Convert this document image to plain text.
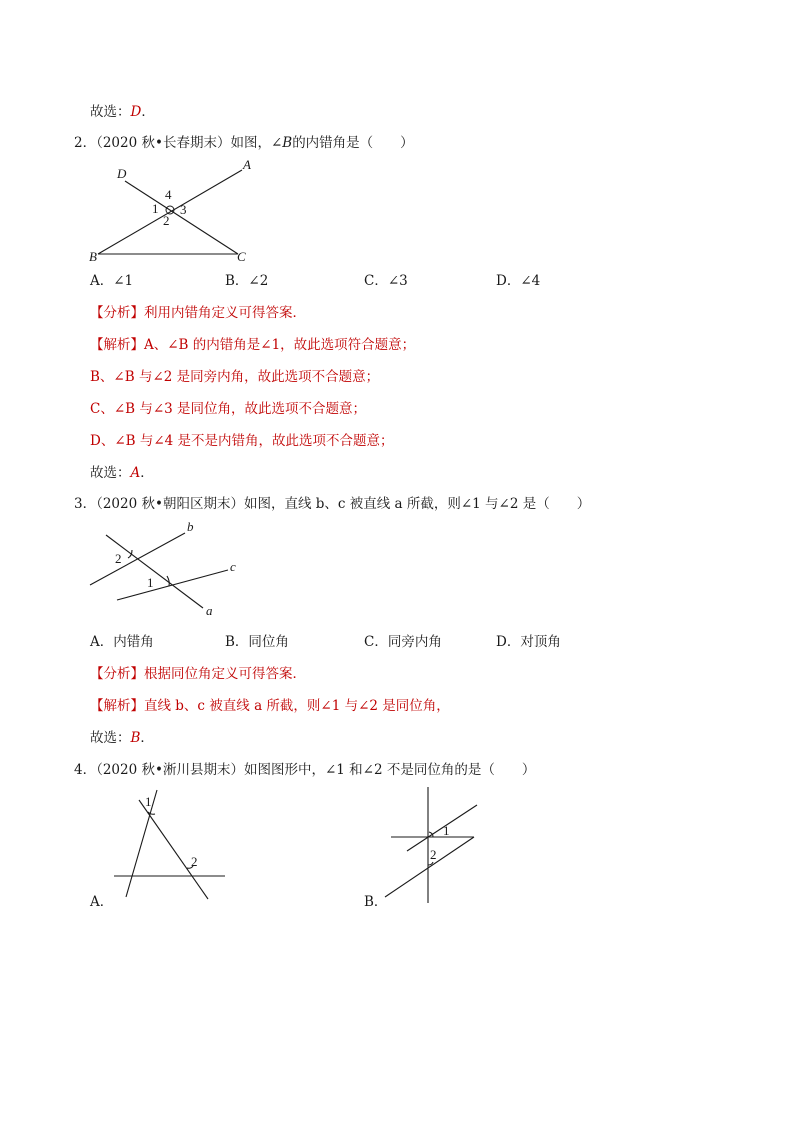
故选：D．
2．（2020 秋•长春期末）如图，∠B的内错角是（　　）
D
A
B	C
4
1 3
2
A．∠1	B．∠2	C．∠3	D．∠4
【分析】利用内错角定义可得答案．
【解析】A、∠B 的内错角是∠1，故此选项符合题意；
B、∠B 与∠2 是同旁内角，故此选项不合题意；
C、∠B 与∠3 是同位角，故此选项不合题意；
D、∠B 与∠4 是不是内错角，故此选项不合题意；
故选：A．
3．（2020 秋•朝阳区期末）如图，直线 b、c 被直线 a 所截，则∠1 与∠2 是（　　）
b
c
a
2
1
A．内错角	B．同位角	C．同旁内角	D．对顶角
【分析】根据同位角定义可得答案．
【解析】直线 b、c 被直线 a 所截，则∠1 与∠2 是同位角，
故选：B．
4．（2020 秋•淅川县期末）如图图形中，∠1 和∠2 不是同位角的是（　　）
1
2
A．
1
2
B．
